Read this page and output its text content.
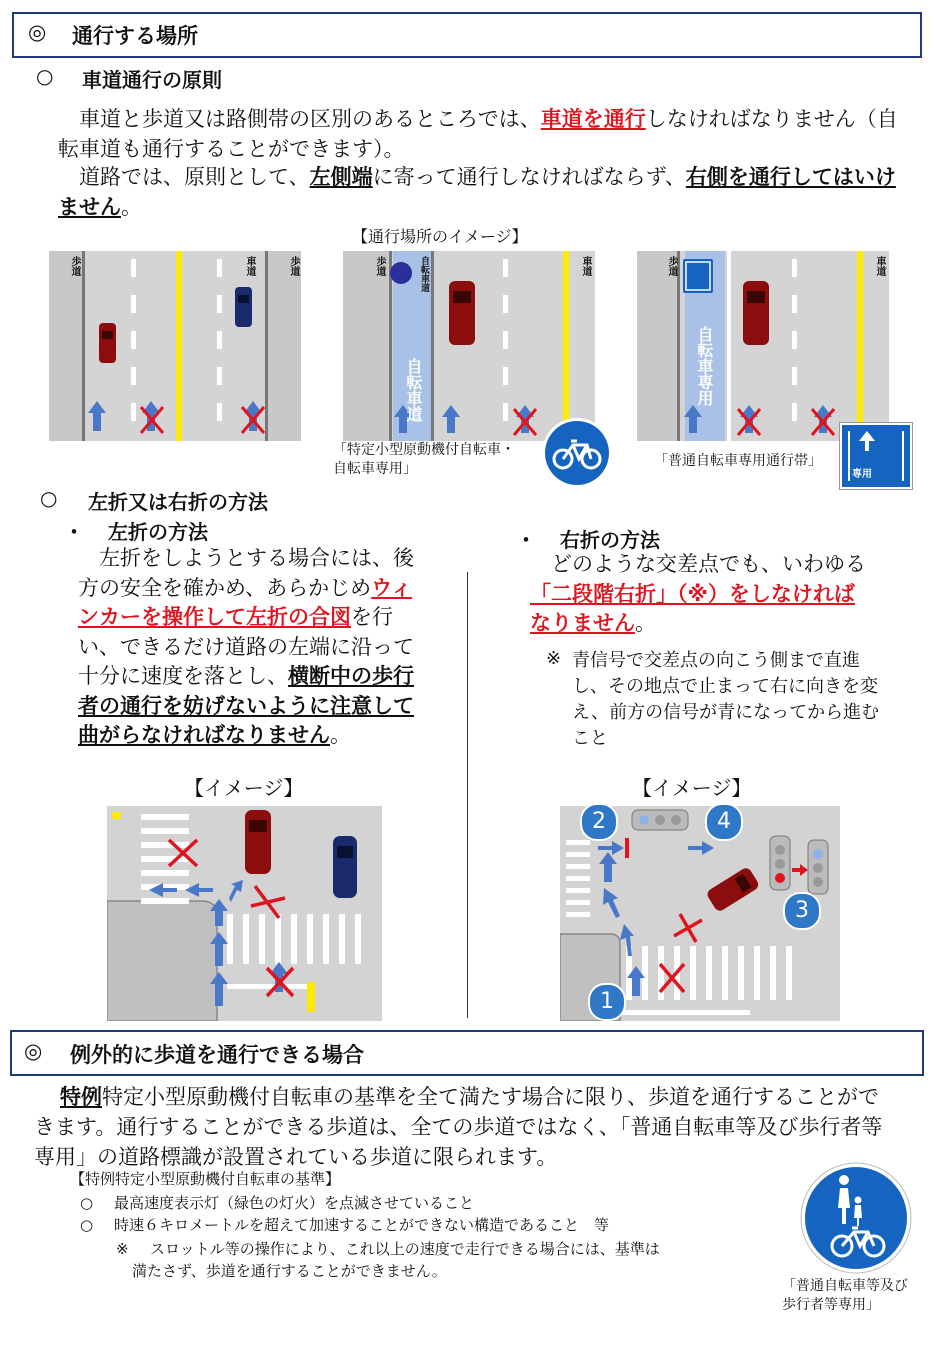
◎ 通行する場所
○ 車道通行の原則
　車道と歩道又は路側帯の区別のあるところでは、車道を通行しなければなりません（自転車道も通行することができます）。
　道路では、原則として、左側端に寄って通行しなければならず、右側を通行してはいけません。
【通行場所のイメージ】
歩道	車道	歩道	歩道	自転車道	車道
自転車道
「特定小型原動機付自転車・
自転車専用」
歩道	車道
自転車専用
「普通自転車専用通行帯」
専用
○ 左折又は右折の方法
・ 左折の方法
　左折をしようとする場合には、後方の安全を確かめ、あらかじめウィンカーを操作して左折の合図を行い、できるだけ道路の左端に沿って十分に速度を落とし、横断中の歩行者の通行を妨げないように注意して曲がらなければなりません。
【イメージ】
・ 右折の方法
　どのような交差点でも、いわゆる「二段階右折」（※）をしなければなりません。
※ 青信号で交差点の向こう側まで直進し、その地点で止まって右に向きを変え、前方の信号が青になってから進むこと
【イメージ】
1
2
3
4
◎ 例外的に歩道を通行できる場合
特例特定小型原動機付自転車の基準を全て満たす場合に限り、歩道を通行することができます。通行することができる歩道は、全ての歩道ではなく、「普通自転車等及び歩行者等専用」の道路標識が設置されている歩道に限られます。
【特例特定小型原動機付自転車の基準】
○ 最高速度表示灯（緑色の灯火）を点滅させていること
○ 時速６キロメートルを超えて加速することができない構造であること　等
※ スロットル等の操作により、これ以上の速度で走行できる場合には、基準は
満たさず、歩道を通行することができません。
「普通自転車等及び
歩行者等専用」
